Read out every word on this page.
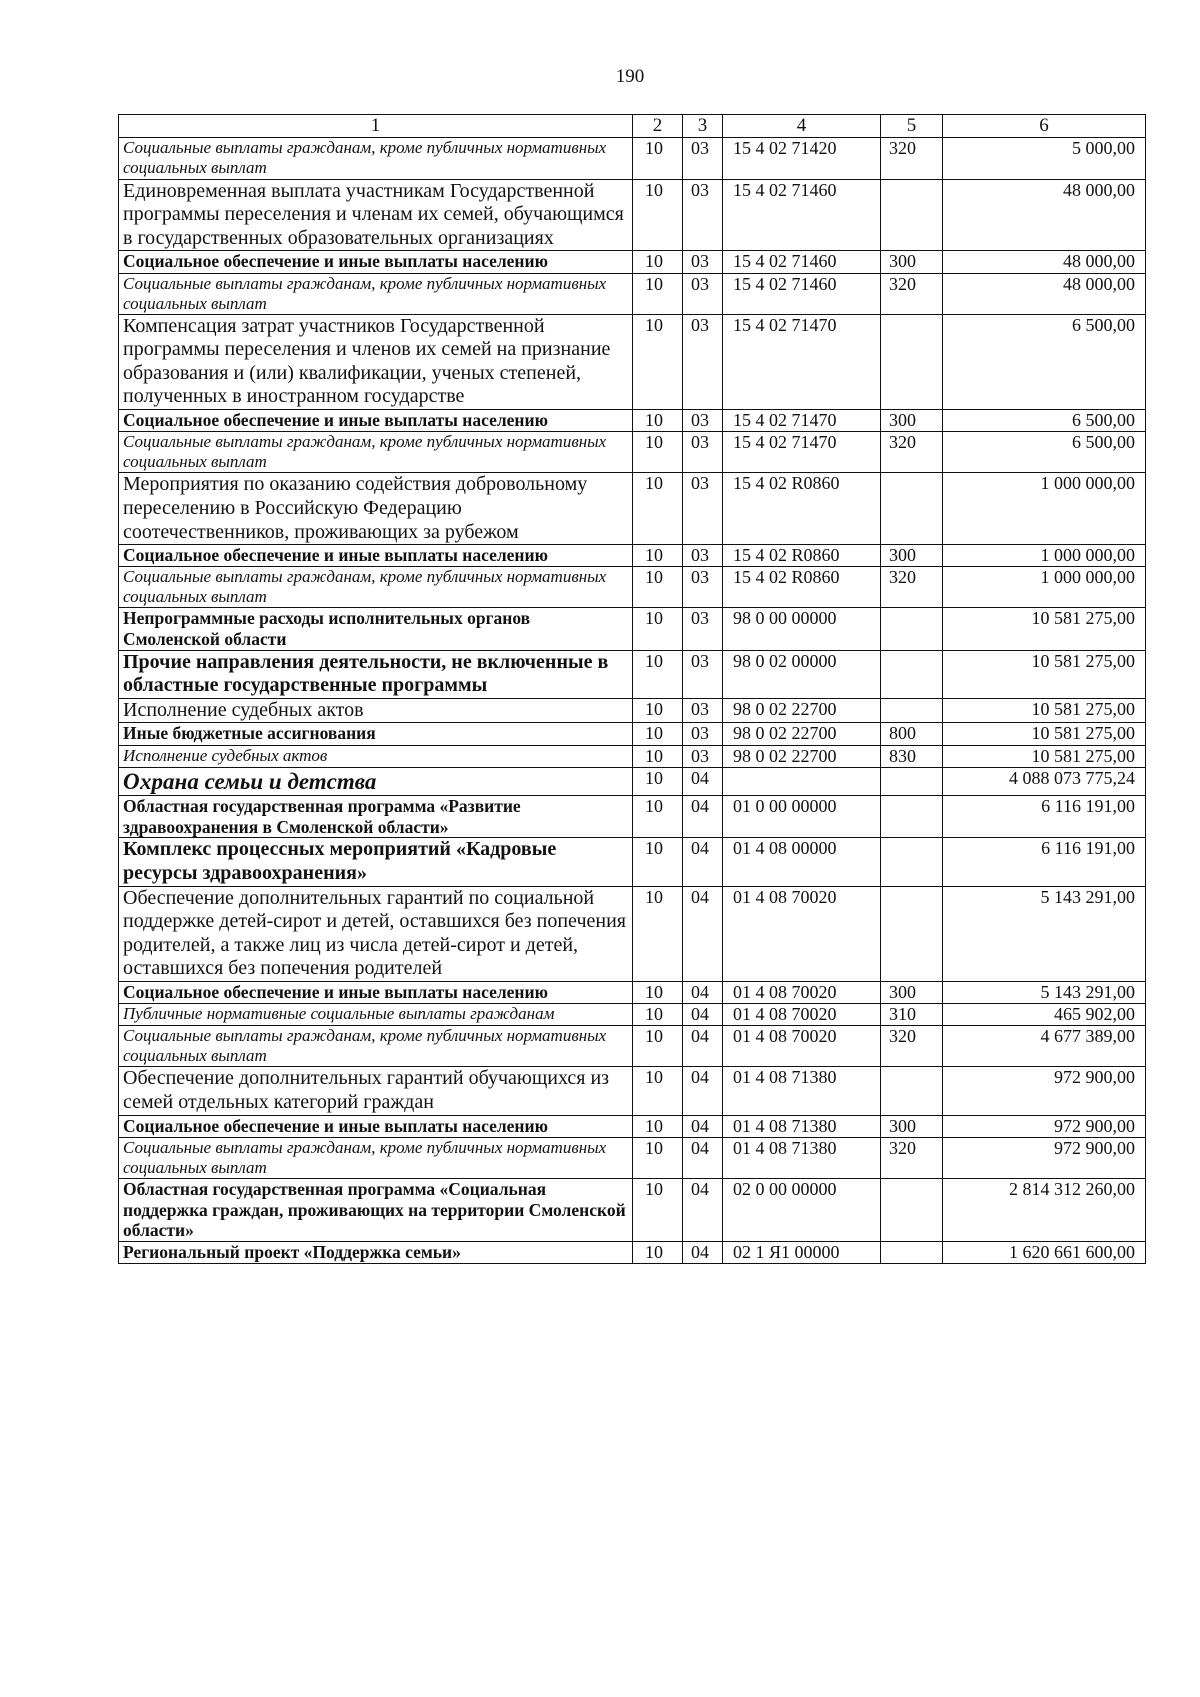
190
1	2	3	4	5	6
Социальные выплаты гражданам, кроме публичных нормативных социальных выплат	10	03	15 4 02 71420	320	5 000,00
Единовременная выплата участникам Государственной программы переселения и членам их семей, обучающимся в государственных образовательных организациях	10	03	15 4 02 71460		48 000,00
Социальное обеспечение и иные выплаты населению	10	03	15 4 02 71460	300	48 000,00
Социальные выплаты гражданам, кроме публичных нормативных социальных выплат	10	03	15 4 02 71460	320	48 000,00
Компенсация затрат участников Государственной программы переселения и членов их семей на признание образования и (или) квалификации, ученых степеней, полученных в иностранном государстве	10	03	15 4 02 71470		6 500,00
Социальное обеспечение и иные выплаты населению	10	03	15 4 02 71470	300	6 500,00
Социальные выплаты гражданам, кроме публичных нормативных социальных выплат	10	03	15 4 02 71470	320	6 500,00
Мероприятия по оказанию содействия добровольному переселению в Российскую Федерацию соотечественников, проживающих за рубежом	10	03	15 4 02 R0860		1 000 000,00
Социальное обеспечение и иные выплаты населению	10	03	15 4 02 R0860	300	1 000 000,00
Социальные выплаты гражданам, кроме публичных нормативных социальных выплат	10	03	15 4 02 R0860	320	1 000 000,00
Непрограммные расходы исполнительных органов Смоленской области	10	03	98 0 00 00000		10 581 275,00
Прочие направления деятельности, не включенные в областные государственные программы	10	03	98 0 02 00000		10 581 275,00
Исполнение судебных актов	10	03	98 0 02 22700		10 581 275,00
Иные бюджетные ассигнования	10	03	98 0 02 22700	800	10 581 275,00
Исполнение судебных актов	10	03	98 0 02 22700	830	10 581 275,00
Охрана семьи и детства	10	04			4 088 073 775,24
Областная государственная программа «Развитие здравоохранения в Смоленской области»	10	04	01 0 00 00000		6 116 191,00
Комплекс процессных мероприятий «Кадровые ресурсы здравоохранения»	10	04	01 4 08 00000		6 116 191,00
Обеспечение дополнительных гарантий по социальной поддержке детей-сирот и детей, оставшихся без попечения родителей, а также лиц из числа детей-сирот и детей, оставшихся без попечения родителей	10	04	01 4 08 70020		5 143 291,00
Социальное обеспечение и иные выплаты населению	10	04	01 4 08 70020	300	5 143 291,00
Публичные нормативные социальные выплаты гражданам	10	04	01 4 08 70020	310	465 902,00
Социальные выплаты гражданам, кроме публичных нормативных социальных выплат	10	04	01 4 08 70020	320	4 677 389,00
Обеспечение дополнительных гарантий обучающихся из семей отдельных категорий граждан	10	04	01 4 08 71380		972 900,00
Социальное обеспечение и иные выплаты населению	10	04	01 4 08 71380	300	972 900,00
Социальные выплаты гражданам, кроме публичных нормативных социальных выплат	10	04	01 4 08 71380	320	972 900,00
Областная государственная программа «Социальная поддержка граждан, проживающих на территории Смоленской области»	10	04	02 0 00 00000		2 814 312 260,00
Региональный проект «Поддержка семьи»	10	04	02 1 Я1 00000		1 620 661 600,00
